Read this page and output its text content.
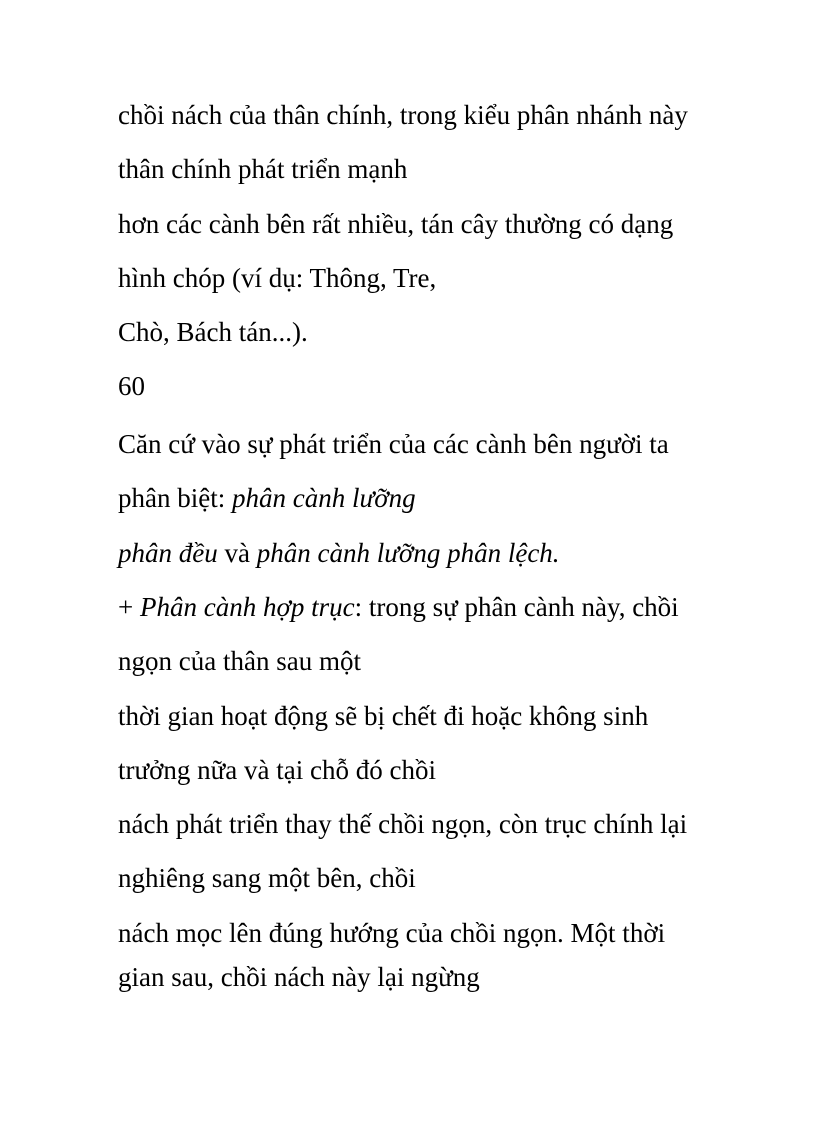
chồi nách của thân chính, trong kiểu phân nhánh này

thân chính phát triển mạnh

hơn các cành bên rất nhiều, tán cây thường có dạng

hình chóp (ví dụ: Thông, Tre,

Chò, Bách tán...).

60

Căn cứ vào sự phát triển của các cành bên người ta

phân biệt: phân cành lưỡng

phân đều và phân cành lưỡng phân lệch.

+ Phân cành hợp trục: trong sự phân cành này, chồi

ngọn của thân sau một

thời gian hoạt động sẽ bị chết đi hoặc không sinh

trưởng nữa và tại chỗ đó chồi

nách phát triển thay thế chồi ngọn, còn trục chính lại

nghiêng sang một bên, chồi

nách mọc lên đúng hướng của chồi ngọn. Một thời

gian sau, chồi nách này lại ngừng
